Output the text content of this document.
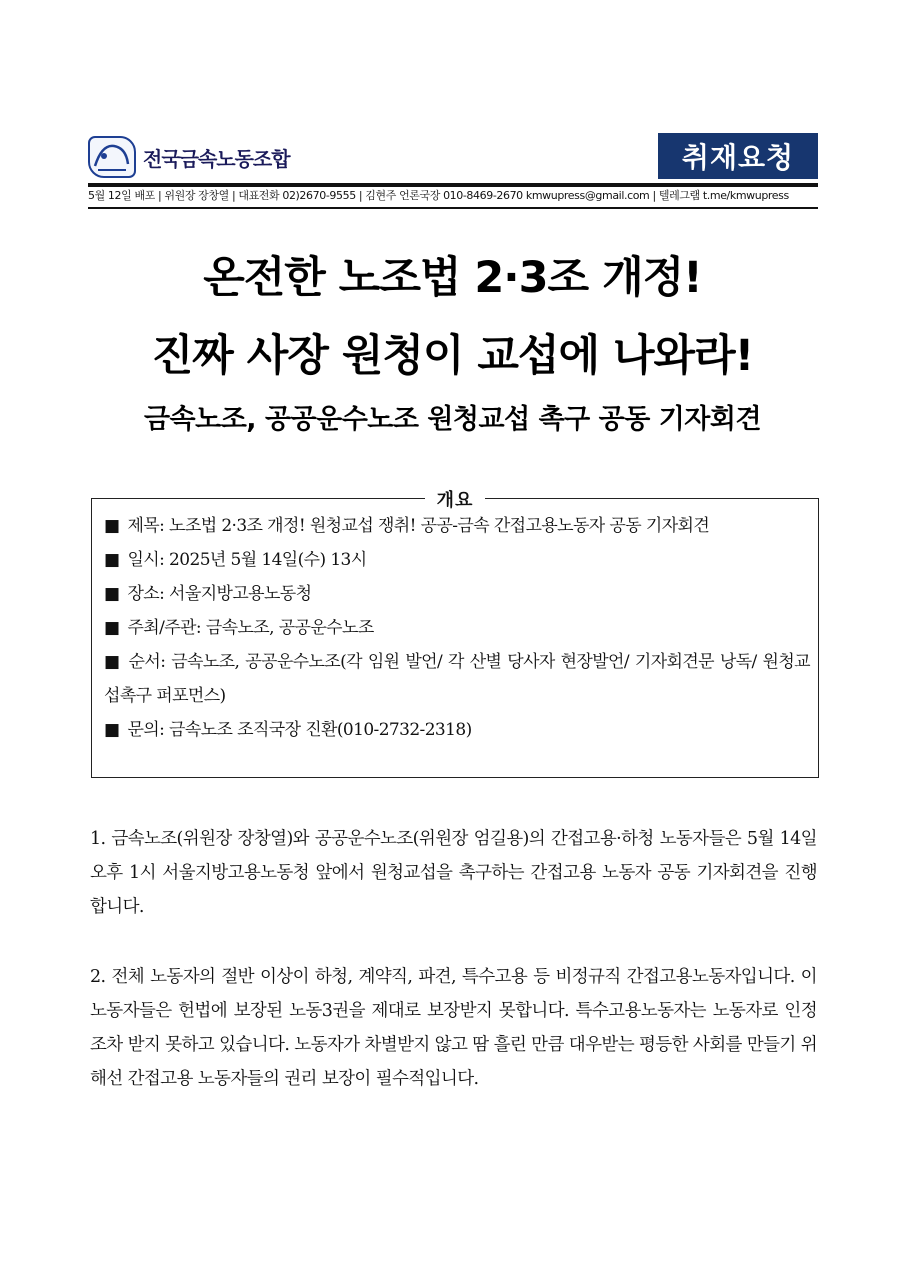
전국금속노동조합	취재요청
5월 12일 배포 | 위원장 장창열 | 대표전화 02)2670-9555 | 김현주 언론국장 010-8469-2670 kmwupress@gmail.com | 텔레그램 t.me/kmwupress
온전한 노조법 2·3조 개정!
진짜 사장 원청이 교섭에 나와라!
금속노조, 공공운수노조 원청교섭 촉구 공동 기자회견
개요
■ 제목: 노조법 2·3조 개정! 원청교섭 쟁취! 공공-금속 간접고용노동자 공동 기자회견
■ 일시: 2025년 5월 14일(수) 13시
■ 장소: 서울지방고용노동청
■ 주최/주관: 금속노조, 공공운수노조
■ 순서: 금속노조, 공공운수노조(각 임원 발언/ 각 산별 당사자 현장발언/ 기자회견문 낭독/ 원청교섭촉구 퍼포먼스)
■ 문의: 금속노조 조직국장 진환(010-2732-2318)
1. 금속노조(위원장 장창열)와 공공운수노조(위원장 엄길용)의 간접고용·하청 노동자들은 5월 14일 오후 1시 서울지방고용노동청 앞에서 원청교섭을 촉구하는 간접고용 노동자 공동 기자회견을 진행합니다.
2. 전체 노동자의 절반 이상이 하청, 계약직, 파견, 특수고용 등 비정규직 간접고용노동자입니다. 이 노동자들은 헌법에 보장된 노동3권을 제대로 보장받지 못합니다. 특수고용노동자는 노동자로 인정조차 받지 못하고 있습니다. 노동자가 차별받지 않고 땀 흘린 만큼 대우받는 평등한 사회를 만들기 위해선 간접고용 노동자들의 권리 보장이 필수적입니다.
